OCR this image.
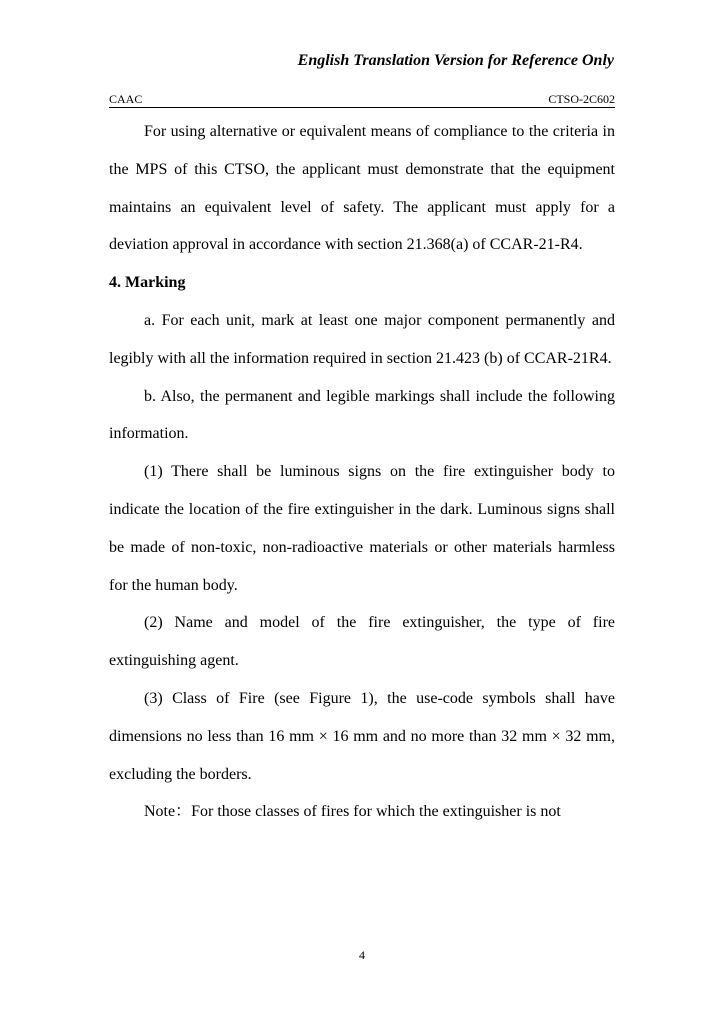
English Translation Version for Reference Only
CAAC	CTSO-2C602

For using alternative or equivalent means of compliance to the criteria in the MPS of this CTSO, the applicant must demonstrate that the equipment maintains an equivalent level of safety. The applicant must apply for a deviation approval in accordance with section 21.368(a) of CCAR-21-R4.

4. Marking

a. For each unit, mark at least one major component permanently and legibly with all the information required in section 21.423 (b) of CCAR-21R4.

b. Also, the permanent and legible markings shall include the following information.

(1) There shall be luminous signs on the fire extinguisher body to indicate the location of the fire extinguisher in the dark. Luminous signs shall be made of non-toxic, non-radioactive materials or other materials harmless for the human body.

(2) Name and model of the fire extinguisher, the type of fire extinguishing agent.

(3) Class of Fire (see Figure 1), the use-code symbols shall have dimensions no less than 16 mm × 16 mm and no more than 32 mm × 32 mm, excluding the borders.

Note：For those classes of fires for which the extinguisher is not

4
